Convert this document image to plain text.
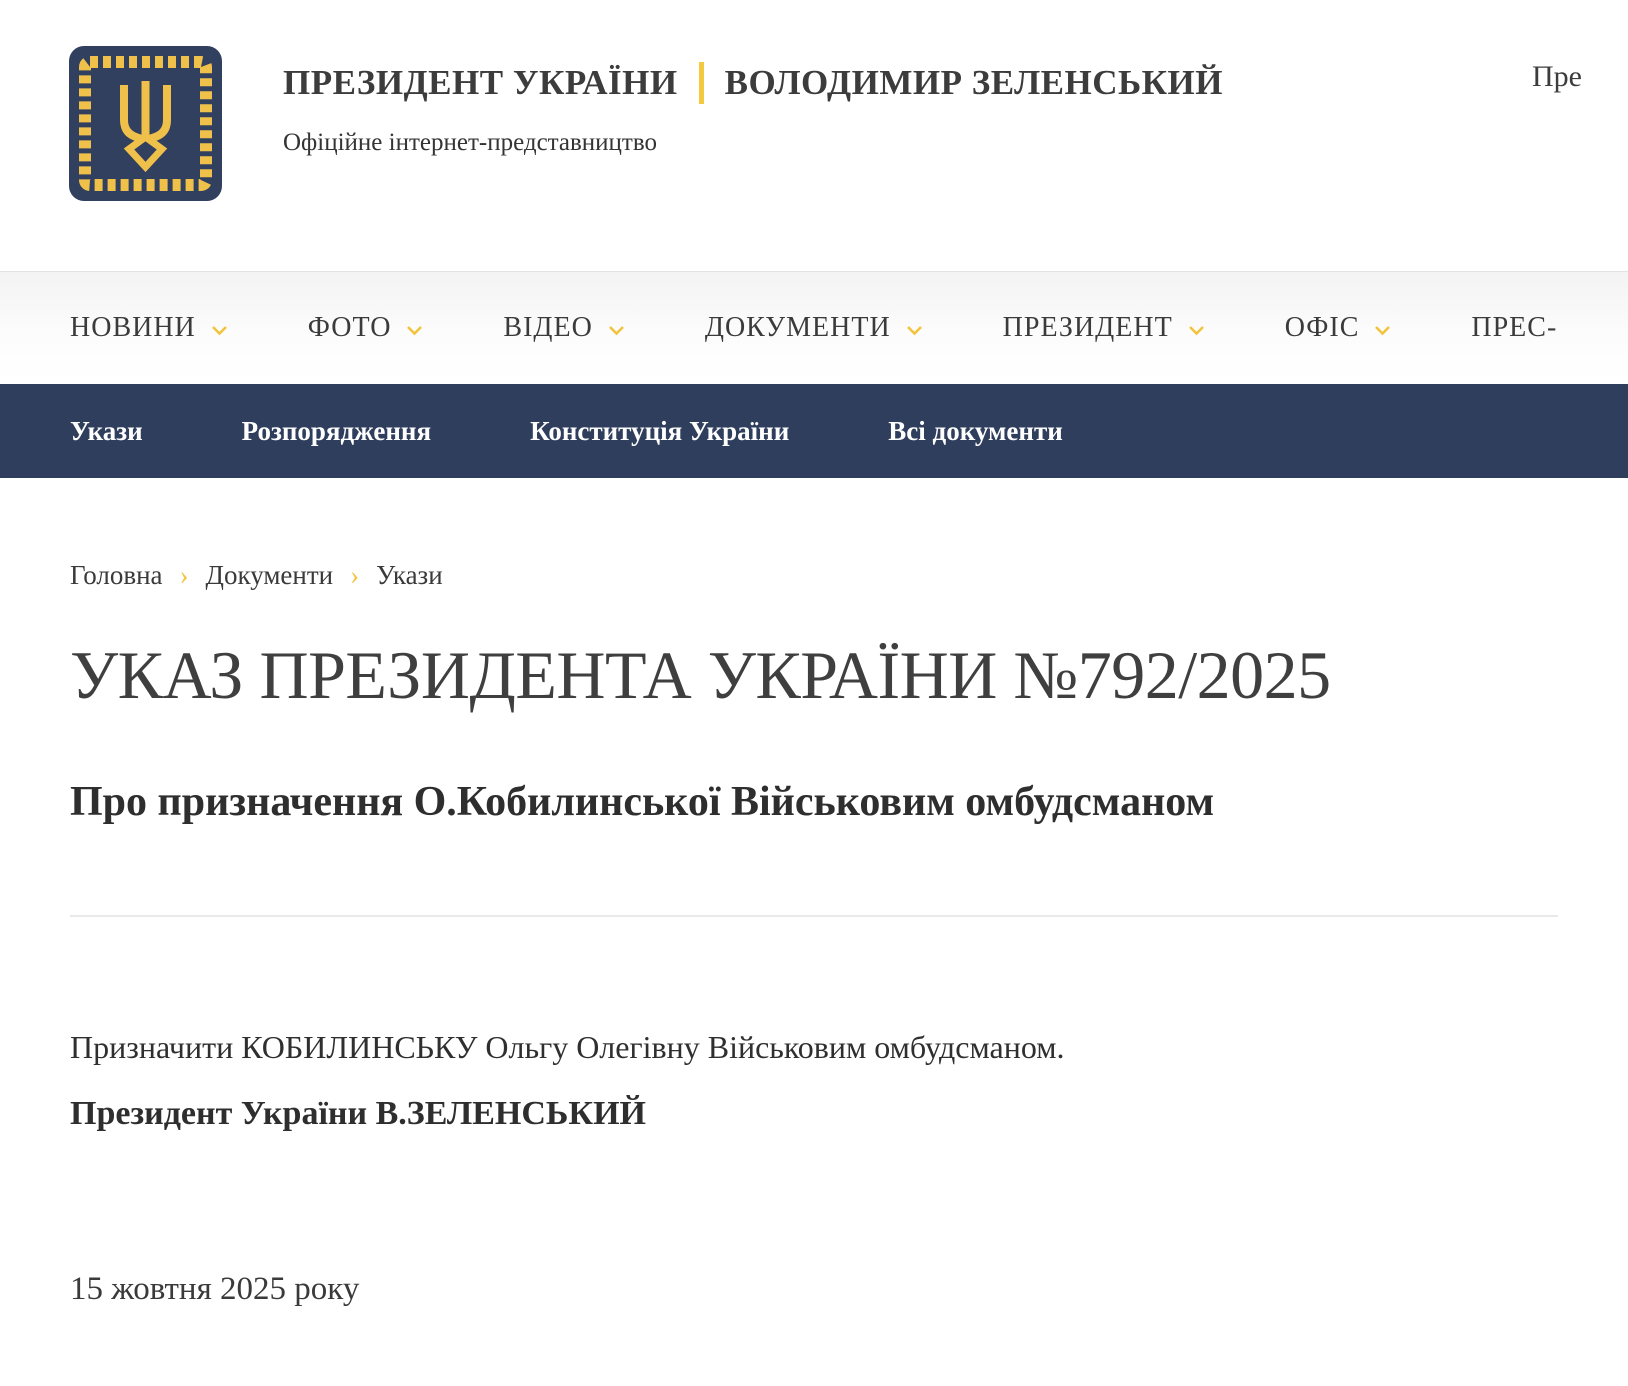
ПРЕЗИДЕНТ УКРАЇНИ ВОЛОДИМИР ЗЕЛЕНСЬКИЙ
Офіційне інтернет-представництво
Пре
НОВИНИ	ФОТО	ВІДЕО	ДОКУМЕНТИ	ПРЕЗИДЕНТ	ОФІС	ПРЕС-
Укази	Розпорядження	Конституція України	Всі документи
Головна › Документи › Укази
УКАЗ ПРЕЗИДЕНТА УКРАЇНИ №792/2025
Про призначення О.Кобилинської Військовим омбудсманом

Призначити КОБИЛИНСЬКУ Ольгу Олегівну Військовим омбудсманом.

Президент України В.ЗЕЛЕНСЬКИЙ

15 жовтня 2025 року
